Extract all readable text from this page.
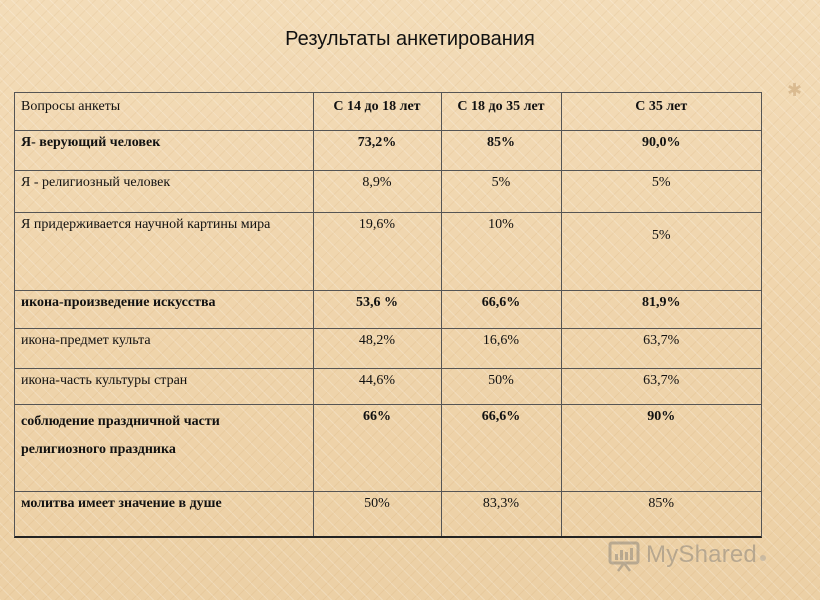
Результаты анкетирования
✱
Вопросы анкеты	С 14 до 18 лет	С 18 до 35 лет	С 35 лет
Я- верующий человек	73,2%	85%	90,0%
Я - религиозный человек	8,9%	5%	5%
Я придерживается научной картины мира	19,6%	10%	5%
икона-произведение искусства	53,6 %	66,6%	81,9%
икона-предмет культа	48,2%	16,6%	63,7%
икона-часть культуры стран	44,6%	50%	63,7%
соблюдение праздничной части религиозного праздника	66%	66,6%	90%
молитва имеет значение в душе	50%	83,3%	85%
MyShared
